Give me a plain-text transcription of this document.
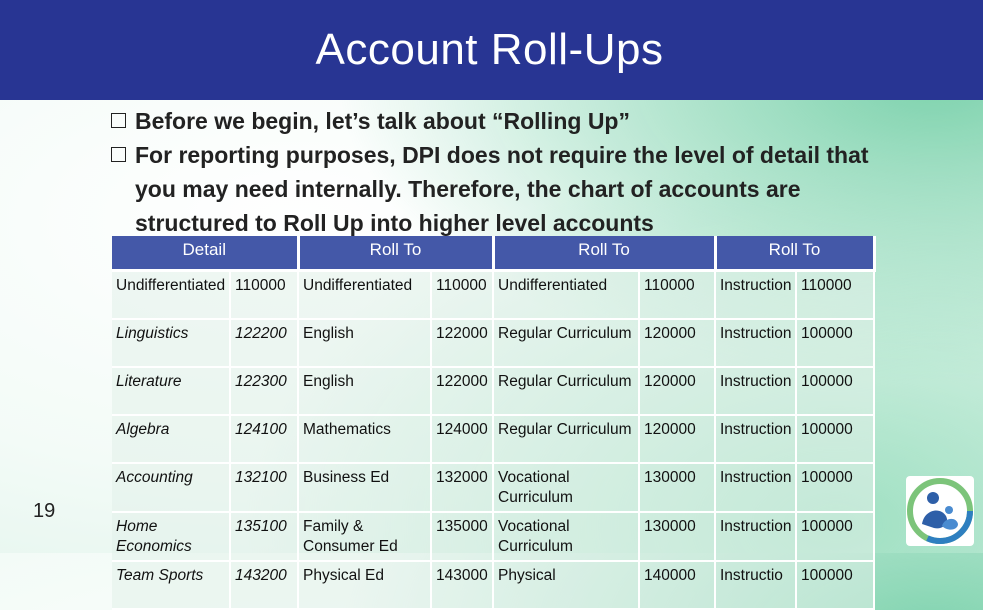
Account Roll-Ups
Before we begin, let’s talk about “Rolling Up”
For reporting purposes, DPI does not require the level of detail that you may need internally. Therefore, the chart of accounts are structured to Roll Up into higher level accounts
Detail		Roll To		Roll To		Roll To	
Undifferentiated	110000	Undifferentiated	110000	Undifferentiated	110000	Instruction	110000
Linguistics	122200	English	122000	Regular Curriculum	120000	Instruction	100000
Literature	122300	English	122000	Regular Curriculum	120000	Instruction	100000
Algebra	124100	Mathematics	124000	Regular Curriculum	120000	Instruction	100000
Accounting	132100	Business Ed	132000	Vocational Curriculum	130000	Instruction	100000
Home Economics	135100	Family & Consumer Ed	135000	Vocational Curriculum	130000	Instruction	100000
Team Sports	143200	Physical Ed	143000	Physical	140000	Instructio	100000
19
